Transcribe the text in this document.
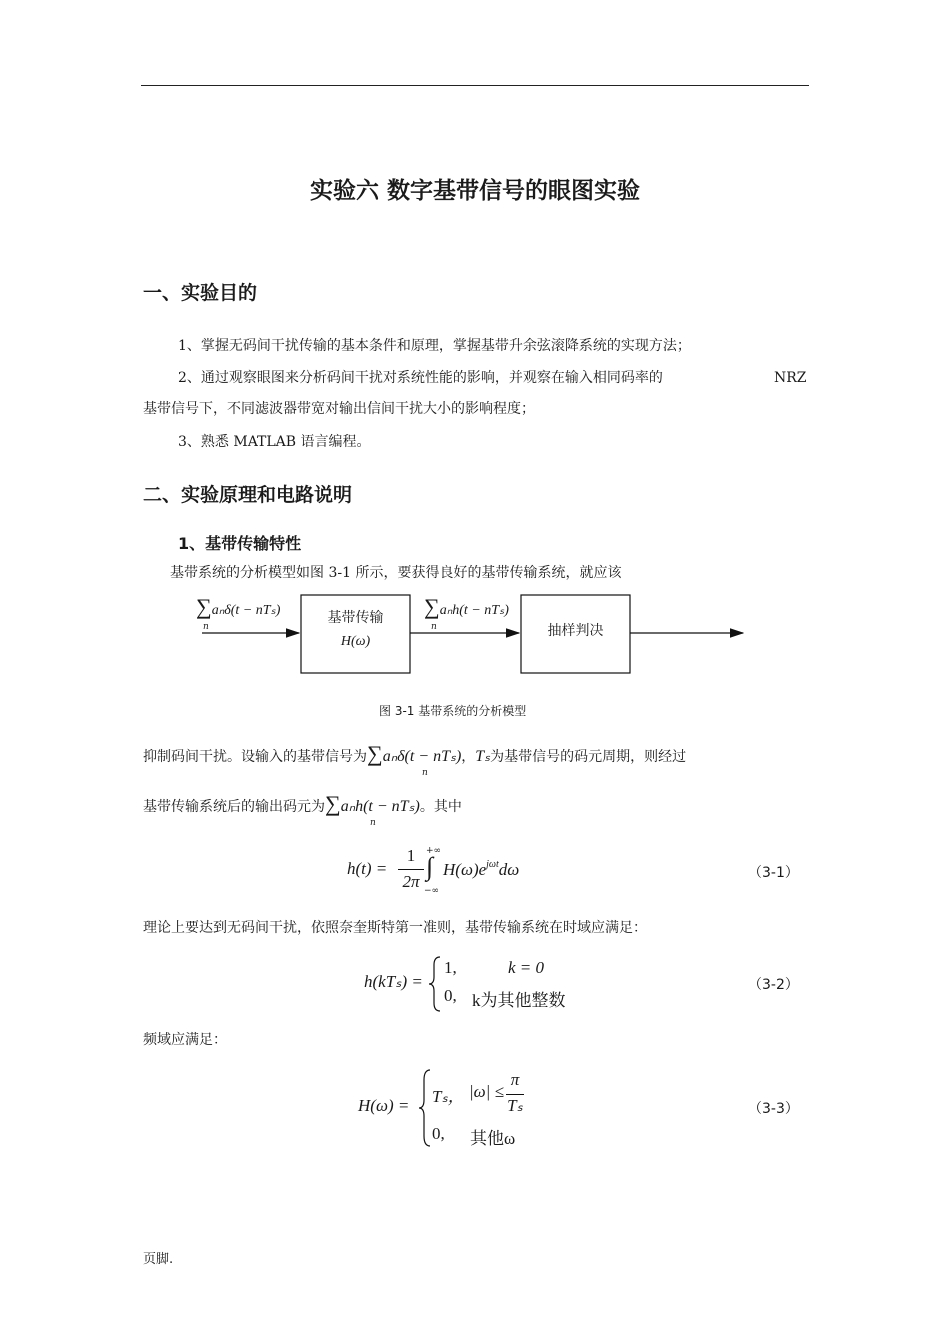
实验六 数字基带信号的眼图实验
一、实验目的
1、掌握无码间干扰传输的基本条件和原理，掌握基带升余弦滚降系统的实现方法；
2、通过观察眼图来分析码间干扰对系统性能的影响，并观察在输入相同码率的	NRZ
基带信号下，不同滤波器带宽对输出信间干扰大小的影响程度；
3、熟悉 MATLAB 语言编程。
二、实验原理和电路说明
1、基带传输特性
基带系统的分析模型如图 3-1 所示，要获得良好的基带传输系统，就应该
基带传输
H(ω)
抽样判决
∑aₙδ(t − nTₛ)
n
∑aₙh(t − nTₛ)
n
图 3-1 基带系统的分析模型
抑制码间干扰。设输入的基带信号为∑aₙδ(t − nTₛ)，Tₛ为基带信号的码元周期，则经过
n
基带传输系统后的输出码元为∑aₙh(t − nTₛ)。其中
n
h(t) =
1
2π
+∞
∫
−∞
$H(\omega)e^{j\omega t}d\omega$	（3-1）
理论上要达到无码间干扰，依照奈奎斯特第一准则，基带传输系统在时域应满足：
h(kTₛ) =
1,	k = 0
0, k为其他整数
（3-2）
频域应满足：
H(ω) = Tₛ， |ω| ≤
π
Tₛ
0, 其他ω
（3-3）
页脚.
